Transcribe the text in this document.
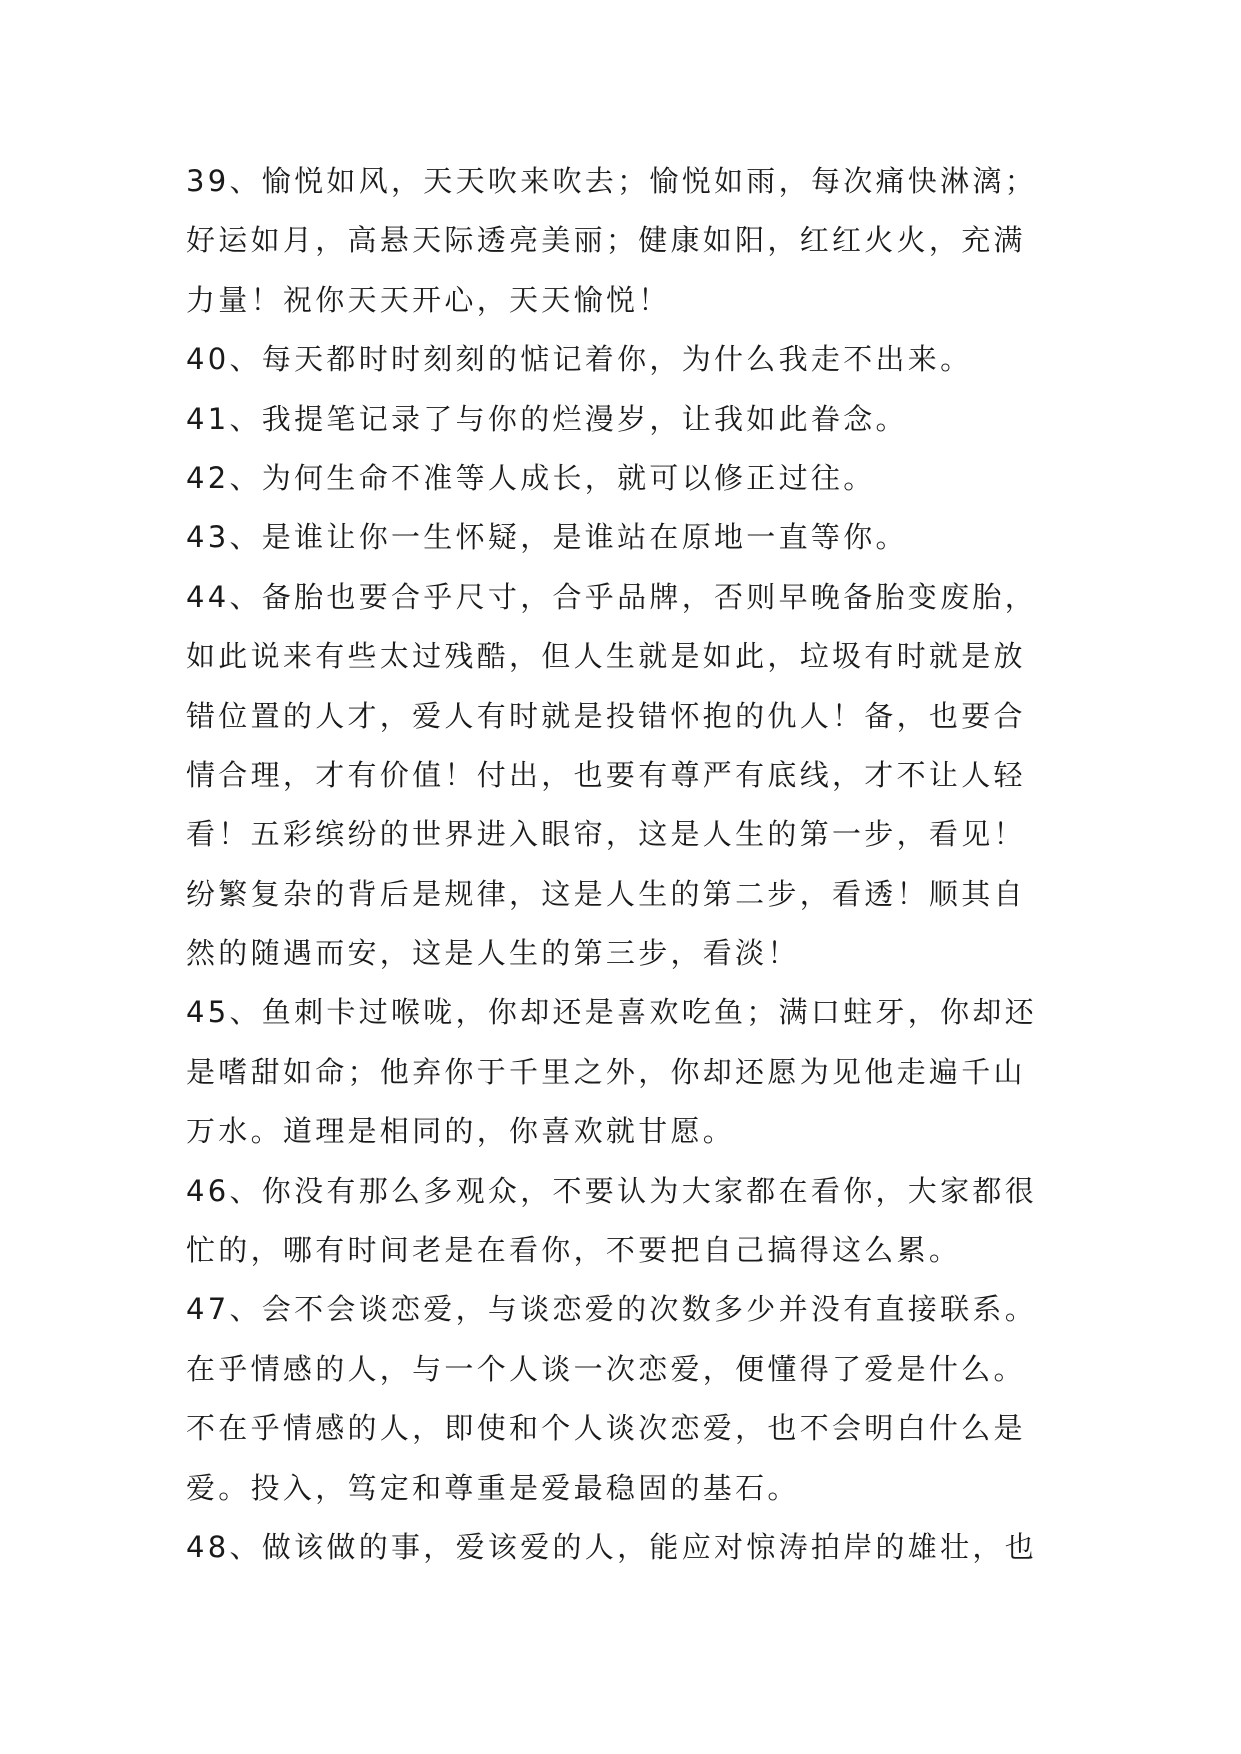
39、愉悦如风，天天吹来吹去；愉悦如雨，每次痛快淋漓；
好运如月，高悬天际透亮美丽；健康如阳，红红火火，充满
力量！祝你天天开心，天天愉悦！
40、每天都时时刻刻的惦记着你，为什么我走不出来。
41、我提笔记录了与你的烂漫岁，让我如此眷念。
42、为何生命不准等人成长，就可以修正过往。
43、是谁让你一生怀疑，是谁站在原地一直等你。
44、备胎也要合乎尺寸，合乎品牌，否则早晚备胎变废胎，
如此说来有些太过残酷，但人生就是如此，垃圾有时就是放
错位置的人才，爱人有时就是投错怀抱的仇人！备，也要合
情合理，才有价值！付出，也要有尊严有底线，才不让人轻
看！五彩缤纷的世界进入眼帘，这是人生的第一步，看见！
纷繁复杂的背后是规律，这是人生的第二步，看透！顺其自
然的随遇而安，这是人生的第三步，看淡！
45、鱼刺卡过喉咙，你却还是喜欢吃鱼；满口蛀牙，你却还
是嗜甜如命；他弃你于千里之外，你却还愿为见他走遍千山
万水。道理是相同的，你喜欢就甘愿。
46、你没有那么多观众，不要认为大家都在看你，大家都很
忙的，哪有时间老是在看你，不要把自己搞得这么累。
47、会不会谈恋爱，与谈恋爱的次数多少并没有直接联系。
在乎情感的人，与一个人谈一次恋爱，便懂得了爱是什么。
不在乎情感的人，即使和个人谈次恋爱，也不会明白什么是
爱。投入，笃定和尊重是爱最稳固的基石。
48、做该做的事，爱该爱的人，能应对惊涛拍岸的雄壮，也
